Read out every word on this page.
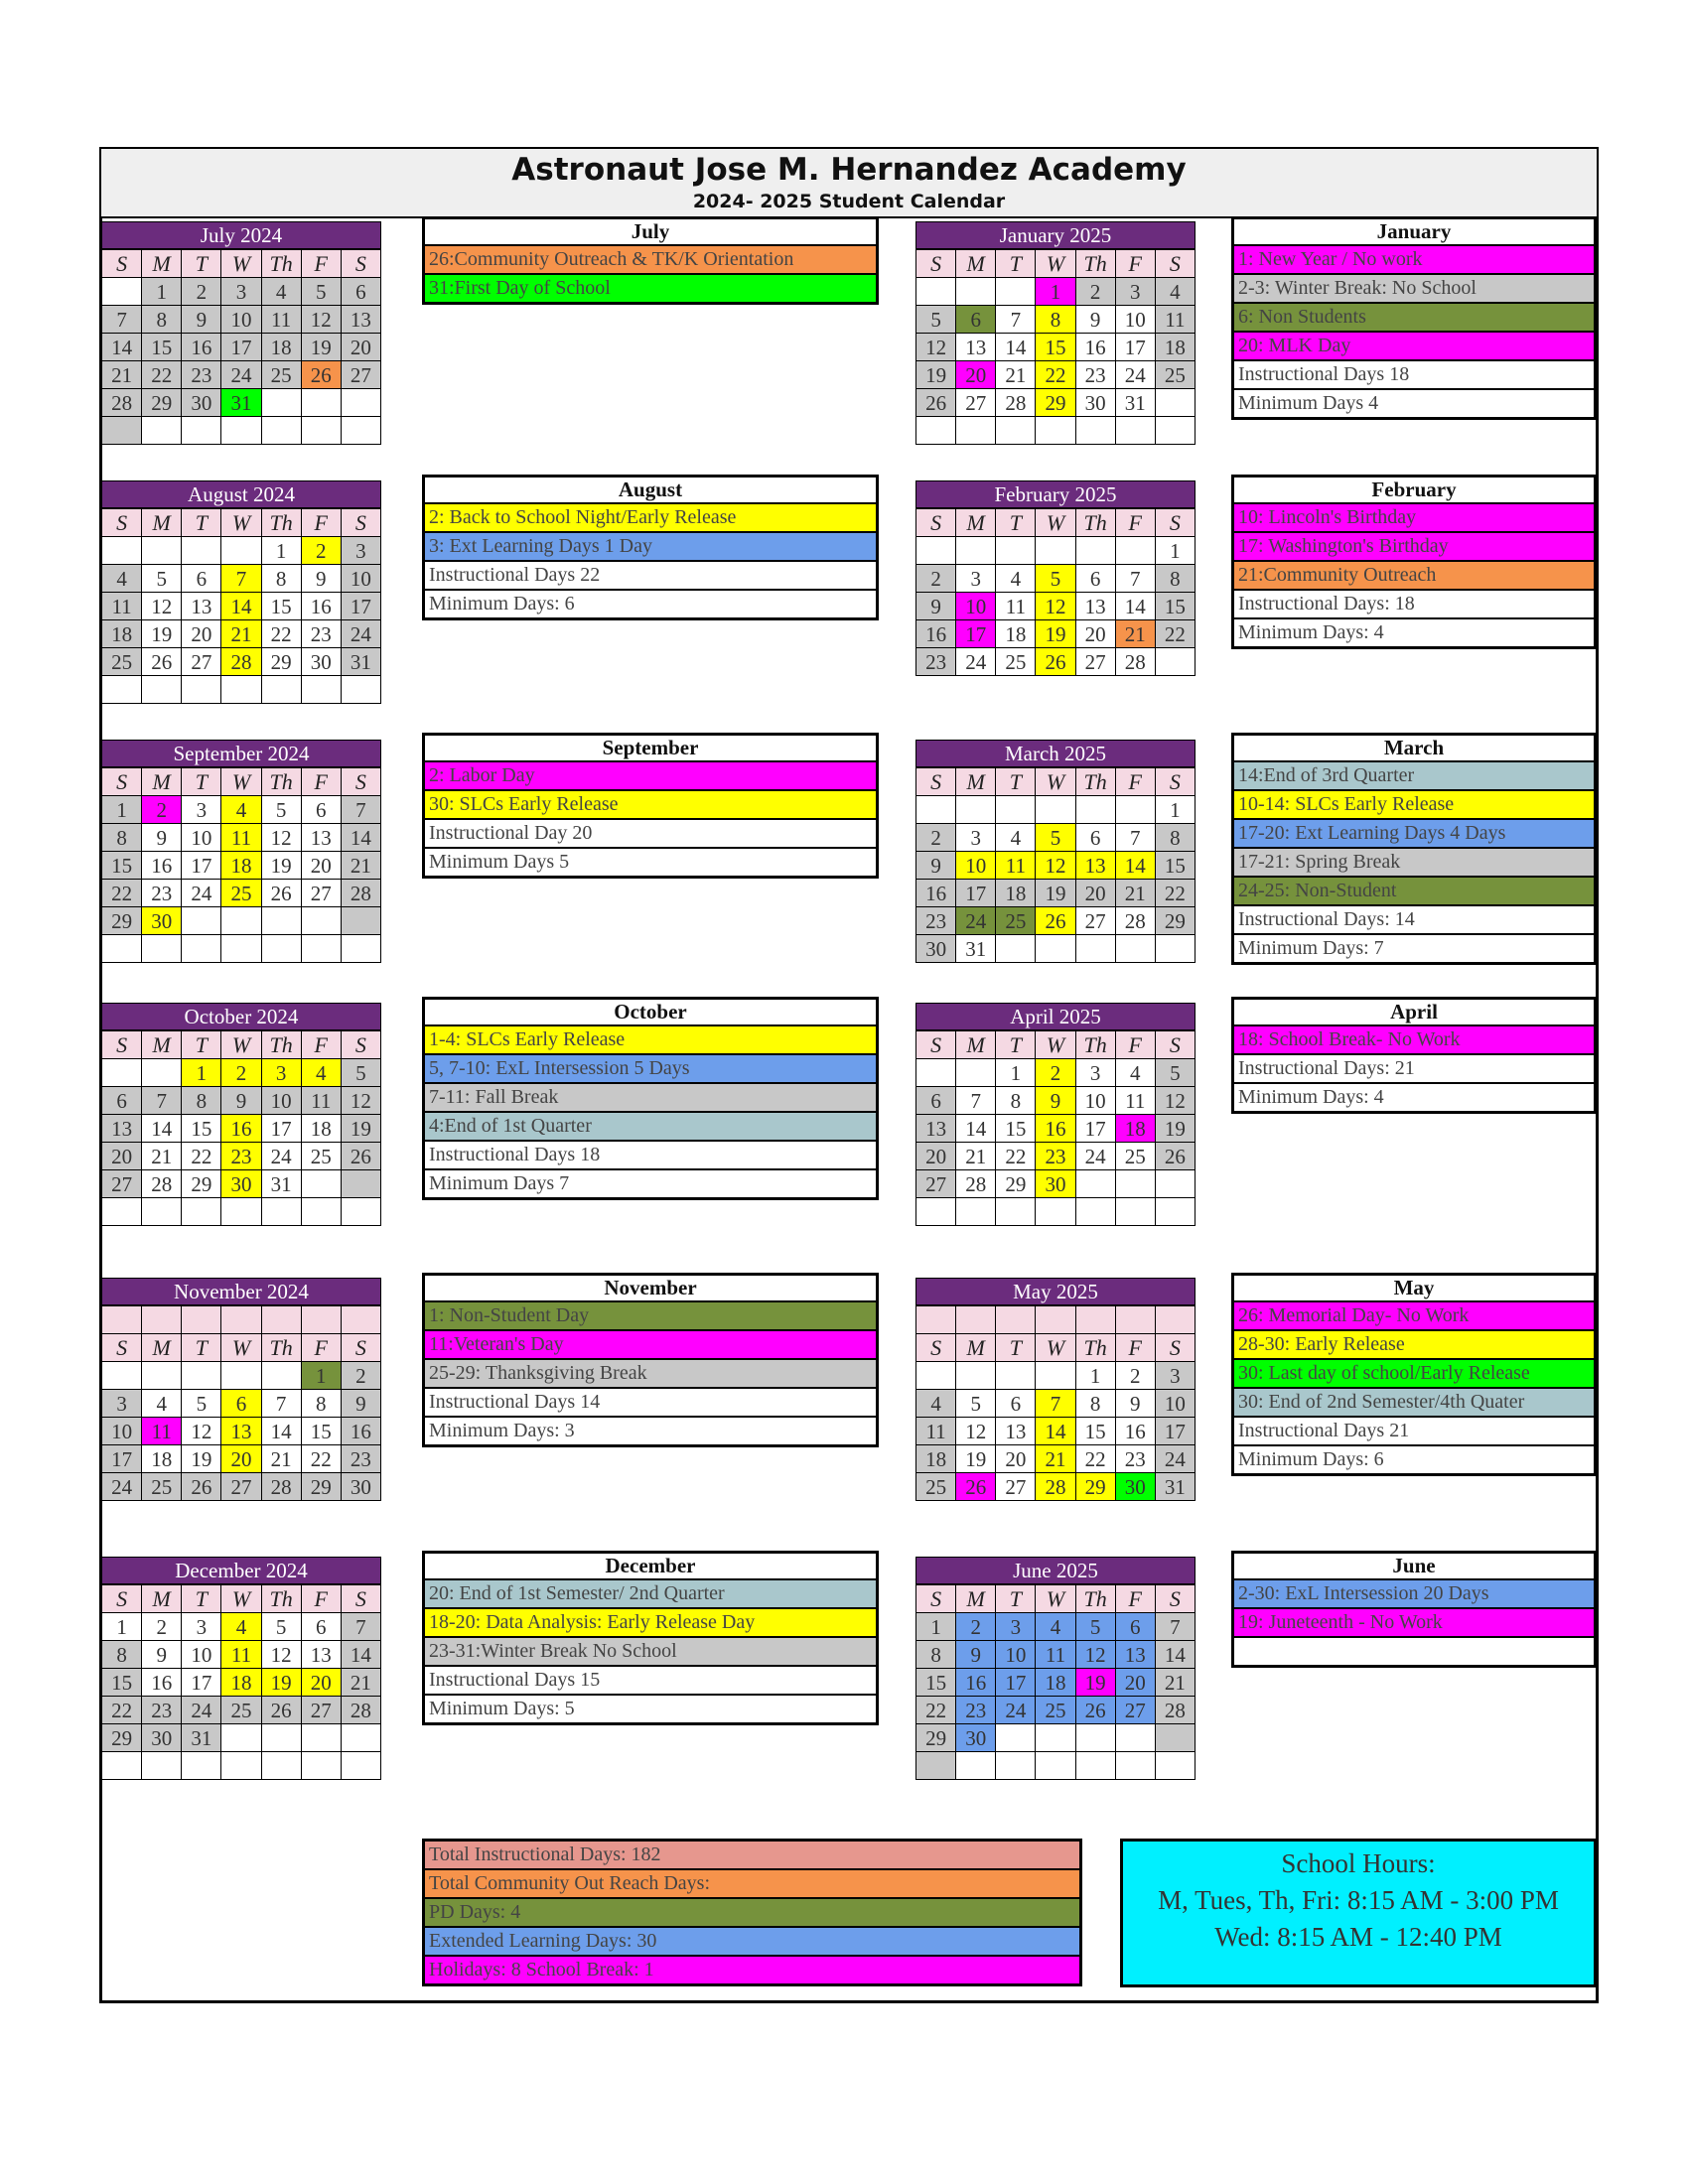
Astronaut Jose M. Hernandez Academy
2024- 2025 Student Calendar
July 2024						
S	M	T	W	Th	F	S
	1	2	3	4	5	6
7	8	9	10	11	12	13
14	15	16	17	18	19	20
21	22	23	24	25	26	27
28	29	30	31			

August 2024						
S	M	T	W	Th	F	S
				1	2	3
4	5	6	7	8	9	10
11	12	13	14	15	16	17
18	19	20	21	22	23	24
25	26	27	28	29	30	31

September 2024						
S	M	T	W	Th	F	S
1	2	3	4	5	6	7
8	9	10	11	12	13	14
15	16	17	18	19	20	21
22	23	24	25	26	27	28
29	30					

October 2024						
S	M	T	W	Th	F	S
		1	2	3	4	5
6	7	8	9	10	11	12
13	14	15	16	17	18	19
20	21	22	23	24	25	26
27	28	29	30	31		

November 2024						

S	M	T	W	Th	F	S
					1	2
3	4	5	6	7	8	9
10	11	12	13	14	15	16
17	18	19	20	21	22	23
24	25	26	27	28	29	30
December 2024						
S	M	T	W	Th	F	S
1	2	3	4	5	6	7
8	9	10	11	12	13	14
15	16	17	18	19	20	21
22	23	24	25	26	27	28
29	30	31				

January 2025						
S	M	T	W	Th	F	S
			1	2	3	4
5	6	7	8	9	10	11
12	13	14	15	16	17	18
19	20	21	22	23	24	25
26	27	28	29	30	31	

February 2025						
S	M	T	W	Th	F	S
						1
2	3	4	5	6	7	8
9	10	11	12	13	14	15
16	17	18	19	20	21	22
23	24	25	26	27	28	
March 2025						
S	M	T	W	Th	F	S
						1
2	3	4	5	6	7	8
9	10	11	12	13	14	15
16	17	18	19	20	21	22
23	24	25	26	27	28	29
30	31					
April 2025						
S	M	T	W	Th	F	S
		1	2	3	4	5
6	7	8	9	10	11	12
13	14	15	16	17	18	19
20	21	22	23	24	25	26
27	28	29	30			

May 2025						

S	M	T	W	Th	F	S
				1	2	3
4	5	6	7	8	9	10
11	12	13	14	15	16	17
18	19	20	21	22	23	24
25	26	27	28	29	30	31
June 2025						
S	M	T	W	Th	F	S
1	2	3	4	5	6	7
8	9	10	11	12	13	14
15	16	17	18	19	20	21
22	23	24	25	26	27	28
29	30					

July
26:Community Outreach & TK/K Orientation
31:First Day of School
August
2: Back to School Night/Early Release
3: Ext Learning Days 1 Day
Instructional Days 22
Minimum Days: 6
September
2: Labor Day
30: SLCs Early Release
Instructional Day 20
Minimum Days 5
October
1-4: SLCs Early Release
5, 7-10: ExL Intersession 5 Days
7-11: Fall Break
4:End of 1st Quarter
Instructional Days 18
Minimum Days 7
November
1: Non-Student Day
11:Veteran's Day
25-29: Thanksgiving Break
Instructional Days 14
Minimum Days: 3
December
20: End of 1st Semester/ 2nd Quarter
18-20: Data Analysis: Early Release Day
23-31:Winter Break No School
Instructional Days 15
Minimum Days: 5
January
1: New Year / No work
2-3: Winter Break: No School
6: Non Students
20: MLK Day
Instructional Days 18
Minimum Days 4
February
10: Lincoln's Birthday
17: Washington's Birthday
21:Community Outreach
Instructional Days: 18
Minimum Days: 4
March
14:End of 3rd Quarter
10-14: SLCs Early Release
17-20: Ext Learning Days 4 Days
17-21: Spring Break
24-25: Non-Student
Instructional Days: 14
Minimum Days: 7
April
18: School Break- No Work
Instructional Days: 21
Minimum Days: 4
May
26: Memorial Day- No Work
28-30: Early Release
30: Last day of school/Early Release
30: End of 2nd Semester/4th Quater
Instructional Days 21
Minimum Days: 6
June
2-30: ExL Intersession 20 Days
19: Juneteenth - No Work
Total Instructional Days: 182
Total Community Out Reach Days:
PD Days: 4
Extended Learning Days: 30
Holidays: 8 School Break: 1
School Hours:
M, Tues, Th, Fri: 8:15 AM - 3:00 PM
Wed: 8:15 AM - 12:40 PM
